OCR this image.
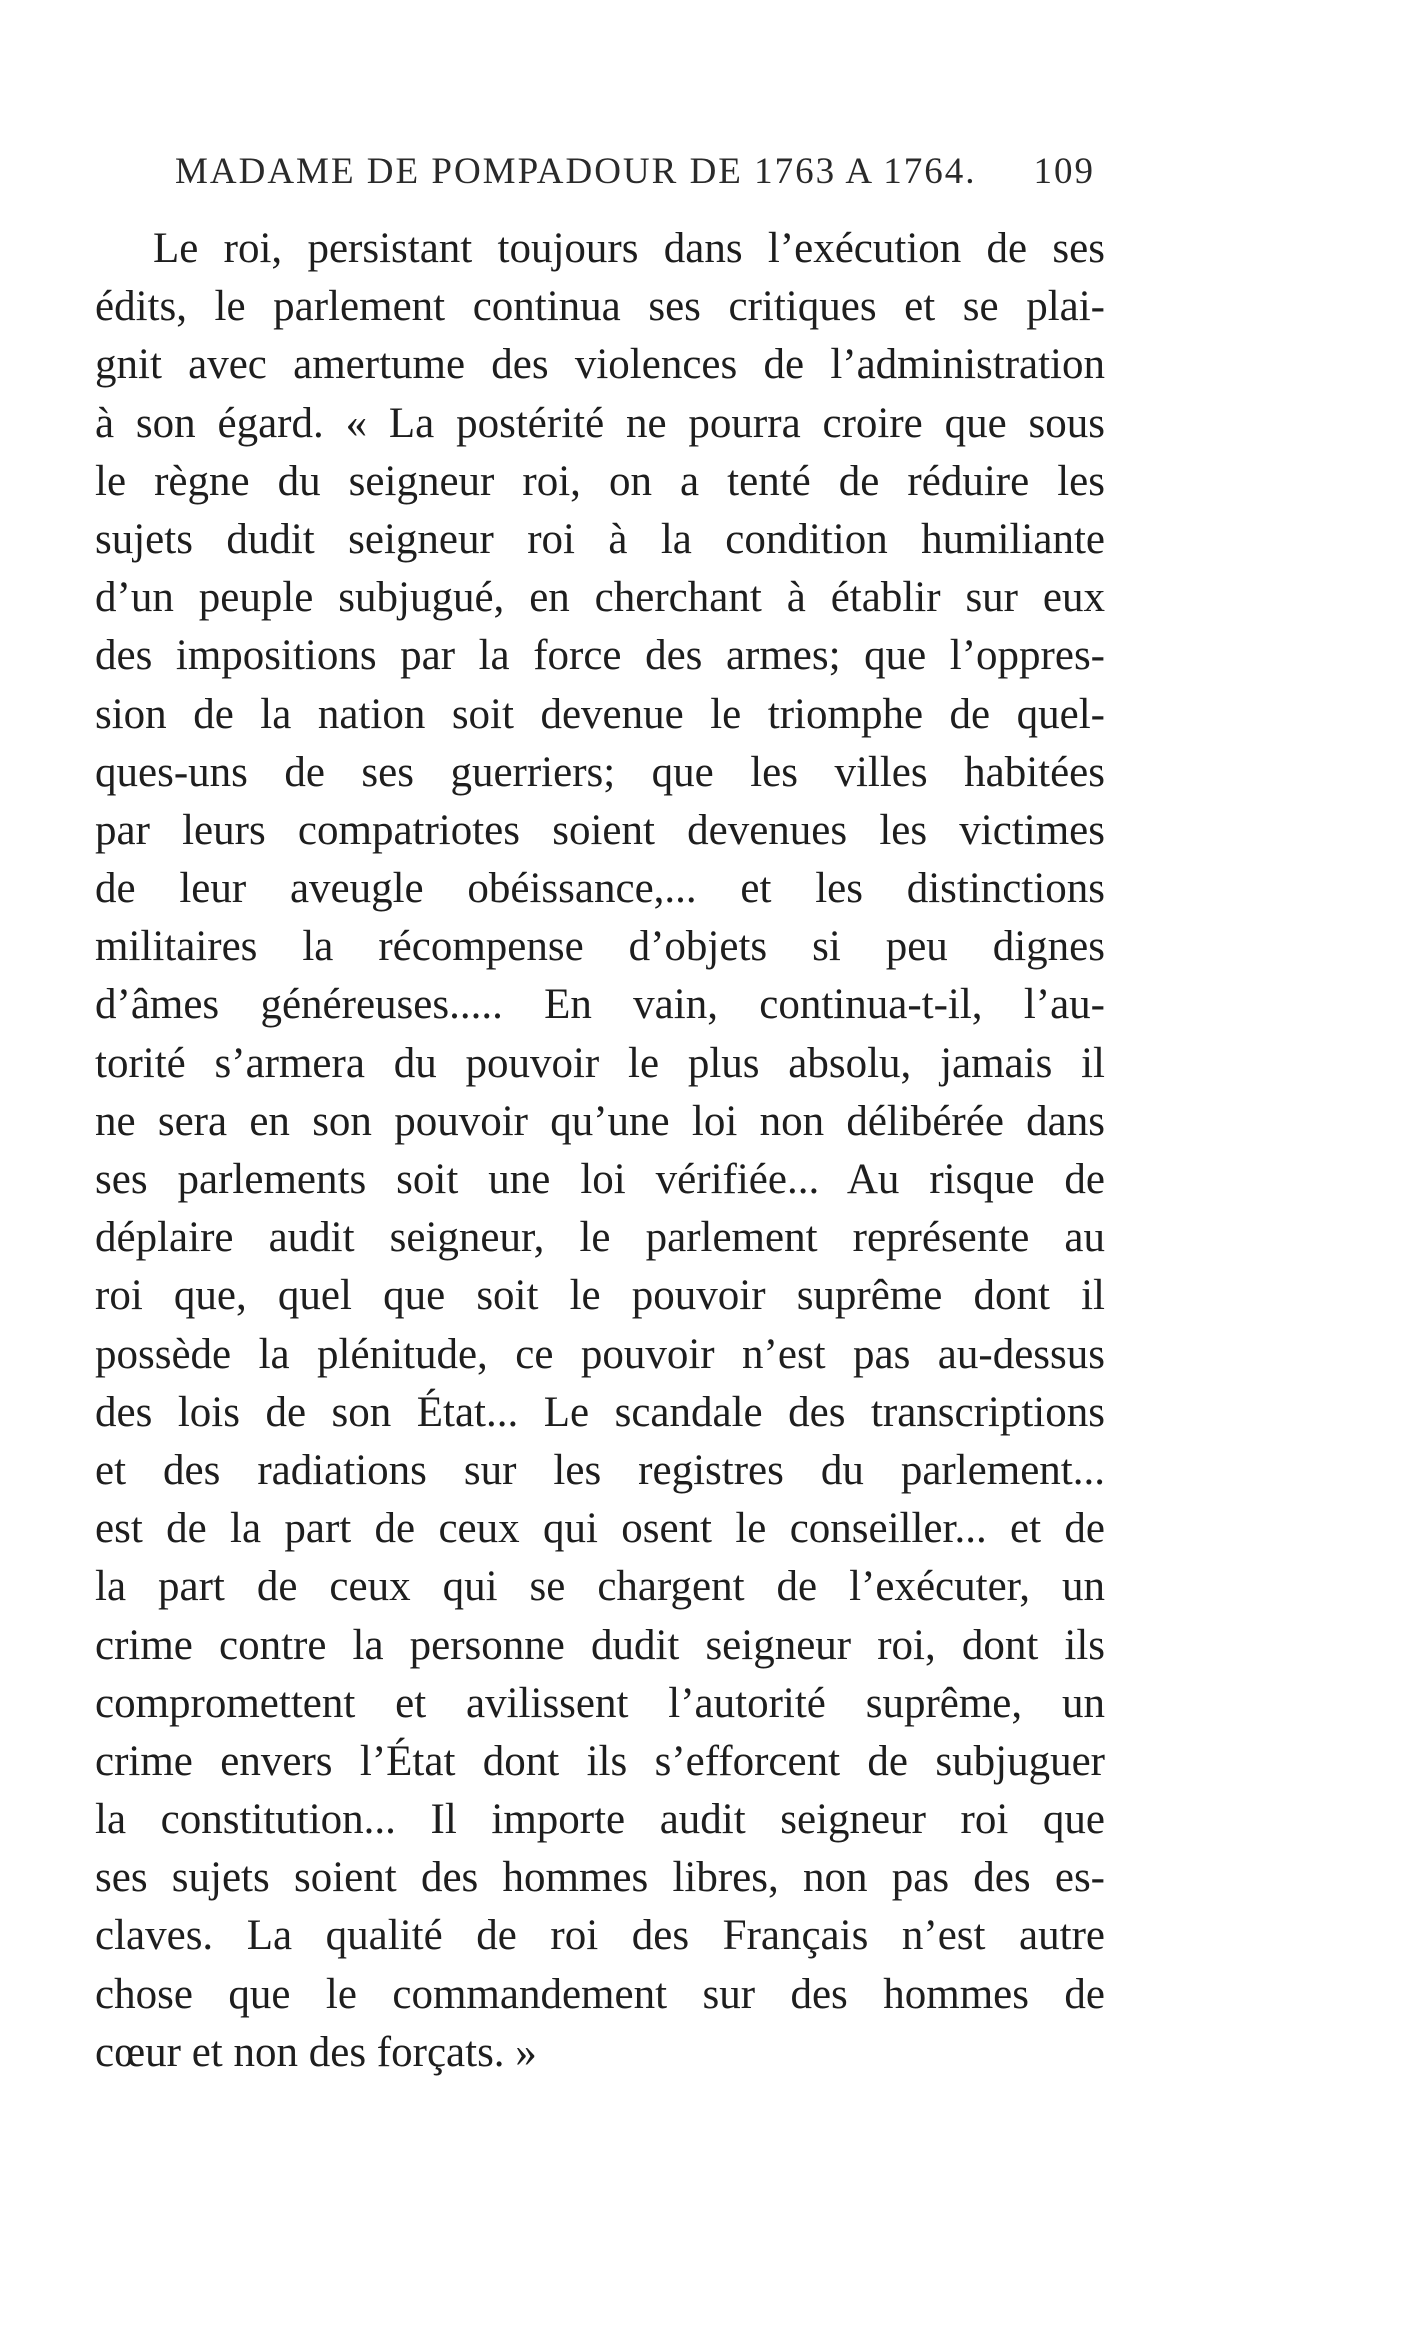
MADAME DE POMPADOUR DE 1763 A 1764. 109
Le roi, persistant toujours dans l’exécution de ses
édits, le parlement continua ses critiques et se plai-
gnit avec amertume des violences de l’administration
à son égard. « La postérité ne pourra croire que sous
le règne du seigneur roi, on a tenté de réduire les
sujets dudit seigneur roi à la condition humiliante
d’un peuple subjugué, en cherchant à établir sur eux
des impositions par la force des armes; que l’oppres-
sion de la nation soit devenue le triomphe de quel-
ques-uns de ses guerriers; que les villes habitées
par leurs compatriotes soient devenues les victimes
de leur aveugle obéissance,... et les distinctions
militaires la récompense d’objets si peu dignes
d’âmes généreuses..... En vain, continua-t-il, l’au-
torité s’armera du pouvoir le plus absolu, jamais il
ne sera en son pouvoir qu’une loi non délibérée dans
ses parlements soit une loi vérifiée... Au risque de
déplaire audit seigneur, le parlement représente au
roi que, quel que soit le pouvoir suprême dont il
possède la plénitude, ce pouvoir n’est pas au-dessus
des lois de son État... Le scandale des transcriptions
et des radiations sur les registres du parlement...
est de la part de ceux qui osent le conseiller... et de
la part de ceux qui se chargent de l’exécuter, un
crime contre la personne dudit seigneur roi, dont ils
compromettent et avilissent l’autorité suprême, un
crime envers l’État dont ils s’efforcent de subjuguer
la constitution... Il importe audit seigneur roi que
ses sujets soient des hommes libres, non pas des es-
claves. La qualité de roi des Français n’est autre
chose que le commandement sur des hommes de
cœur et non des forçats. »
